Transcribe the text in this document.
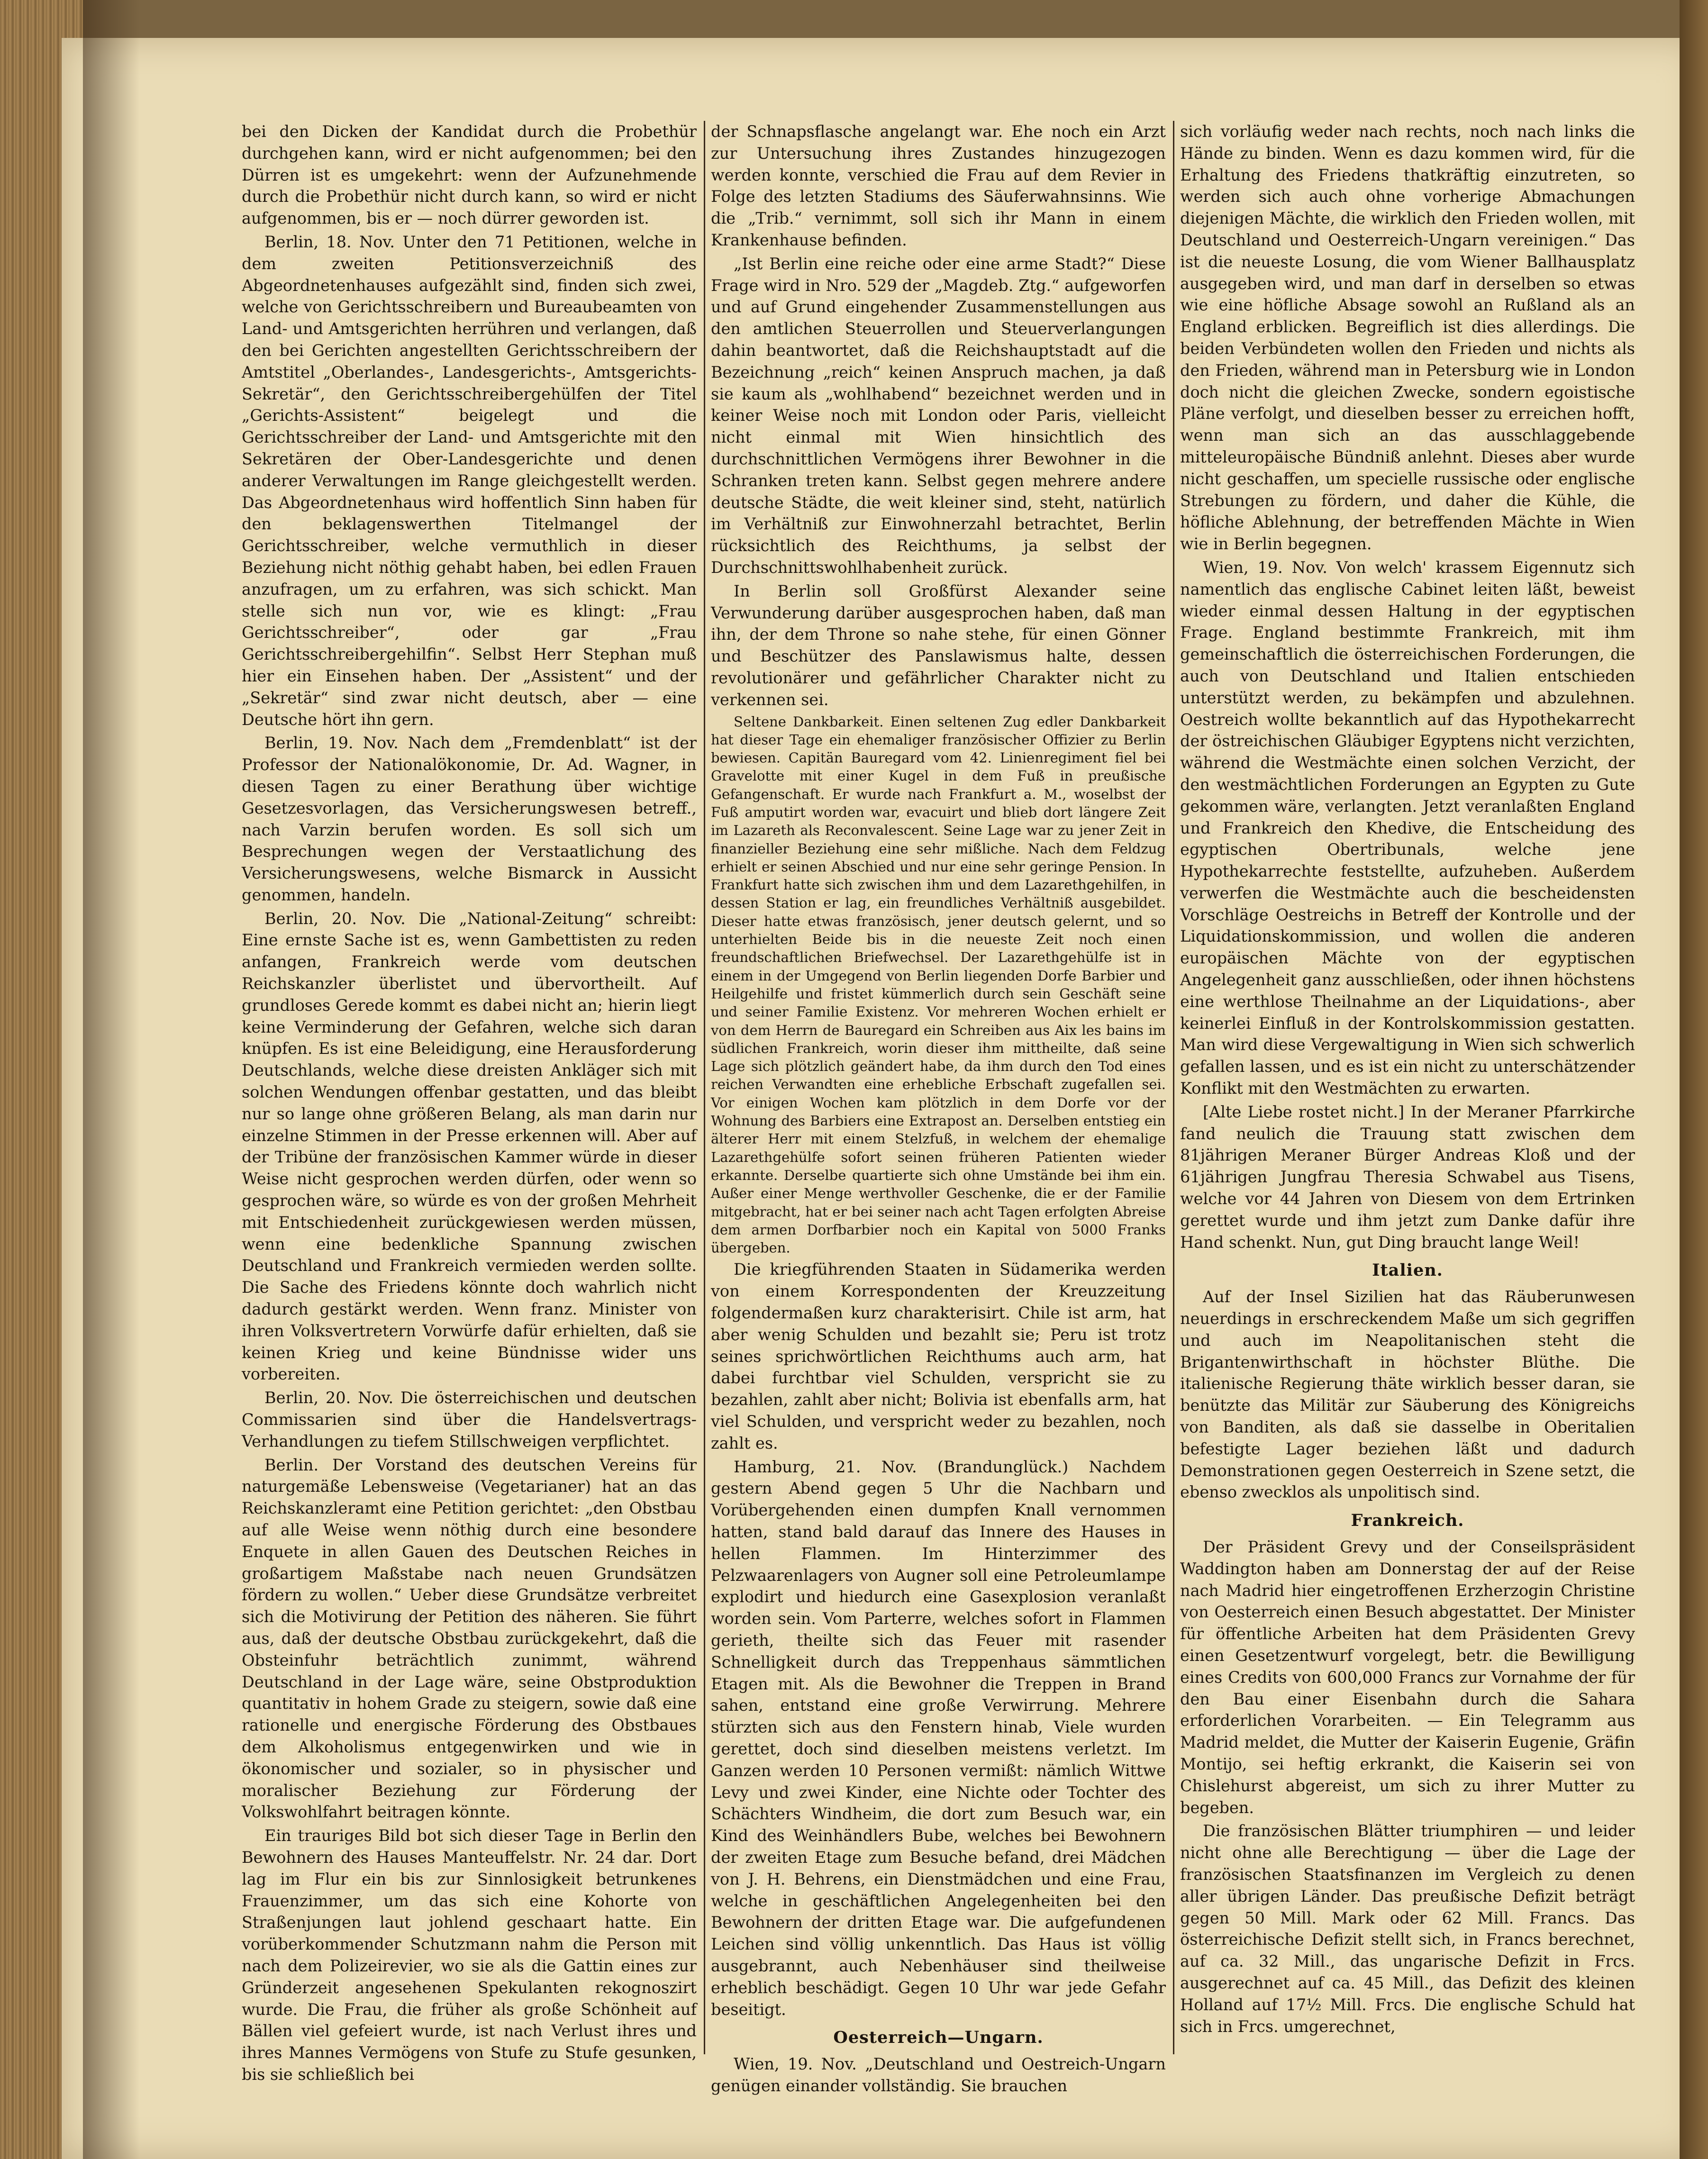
bei den Dicken der Kandidat durch die Probethür durchgehen kann, wird er nicht aufgenommen; bei den Dürren ist es umgekehrt: wenn der Aufzunehmende durch die Probethür nicht durch kann, so wird er nicht aufgenommen, bis er — noch dürrer geworden ist.

Berlin, 18. Nov. Unter den 71 Petitionen, welche in dem zweiten Petitionsverzeichniß des Abgeordnetenhauses aufgezählt sind, finden sich zwei, welche von Gerichtsschreibern und Bureaubeamten von Land- und Amtsgerichten herrühren und verlangen, daß den bei Gerichten angestellten Gerichtsschreibern der Amtstitel „Oberlandes-, Landesgerichts-, Amtsgerichts-Sekretär“, den Gerichtsschreibergehülfen der Titel „Gerichts-Assistent“ beigelegt und die Gerichtsschreiber der Land- und Amtsgerichte mit den Sekretären der Ober-Landesgerichte und denen anderer Verwaltungen im Range gleichgestellt werden. Das Abgeordnetenhaus wird hoffentlich Sinn haben für den beklagenswerthen Titelmangel der Gerichtsschreiber, welche vermuthlich in dieser Beziehung nicht nöthig gehabt haben, bei edlen Frauen anzufragen, um zu erfahren, was sich schickt. Man stelle sich nun vor, wie es klingt: „Frau Gerichtsschreiber“, oder gar „Frau Gerichtsschreibergehilfin“. Selbst Herr Stephan muß hier ein Einsehen haben. Der „Assistent“ und der „Sekretär“ sind zwar nicht deutsch, aber — eine Deutsche hört ihn gern.

Berlin, 19. Nov. Nach dem „Fremdenblatt“ ist der Professor der Nationalökonomie, Dr. Ad. Wagner, in diesen Tagen zu einer Berathung über wichtige Gesetzesvorlagen, das Versicherungswesen betreff., nach Varzin berufen worden. Es soll sich um Besprechungen wegen der Verstaatlichung des Versicherungswesens, welche Bismarck in Aussicht genommen, handeln.

Berlin, 20. Nov. Die „National-Zeitung“ schreibt: Eine ernste Sache ist es, wenn Gambettisten zu reden anfangen, Frankreich werde vom deutschen Reichskanzler überlistet und übervortheilt. Auf grundloses Gerede kommt es dabei nicht an; hierin liegt keine Verminderung der Gefahren, welche sich daran knüpfen. Es ist eine Beleidigung, eine Herausforderung Deutschlands, welche diese dreisten Ankläger sich mit solchen Wendungen offenbar gestatten, und das bleibt nur so lange ohne größeren Belang, als man darin nur einzelne Stimmen in der Presse erkennen will. Aber auf der Tribüne der französischen Kammer würde in dieser Weise nicht gesprochen werden dürfen, oder wenn so gesprochen wäre, so würde es von der großen Mehrheit mit Entschiedenheit zurückgewiesen werden müssen, wenn eine bedenkliche Spannung zwischen Deutschland und Frankreich vermieden werden sollte. Die Sache des Friedens könnte doch wahrlich nicht dadurch gestärkt werden. Wenn franz. Minister von ihren Volksvertretern Vorwürfe dafür erhielten, daß sie keinen Krieg und keine Bündnisse wider uns vorbereiten.

Berlin, 20. Nov. Die österreichischen und deutschen Commissarien sind über die Handelsvertrags-Verhandlungen zu tiefem Stillschweigen verpflichtet.

Berlin. Der Vorstand des deutschen Vereins für naturgemäße Lebensweise (Vegetarianer) hat an das Reichskanzleramt eine Petition gerichtet: „den Obstbau auf alle Weise wenn nöthig durch eine besondere Enquete in allen Gauen des Deutschen Reiches in großartigem Maßstabe nach neuen Grundsätzen fördern zu wollen.“ Ueber diese Grundsätze verbreitet sich die Motivirung der Petition des näheren. Sie führt aus, daß der deutsche Obstbau zurückgekehrt, daß die Obsteinfuhr beträchtlich zunimmt, während Deutschland in der Lage wäre, seine Obstproduktion quantitativ in hohem Grade zu steigern, sowie daß eine rationelle und energische Förderung des Obstbaues dem Alkoholismus entgegenwirken und wie in ökonomischer und sozialer, so in physischer und moralischer Beziehung zur Förderung der Volkswohlfahrt beitragen könnte.

Ein trauriges Bild bot sich dieser Tage in Berlin den Bewohnern des Hauses Manteuffelstr. Nr. 24 dar. Dort lag im Flur ein bis zur Sinnlosigkeit betrunkenes Frauenzimmer, um das sich eine Kohorte von Straßenjungen laut johlend geschaart hatte. Ein vorüberkommender Schutzmann nahm die Person mit nach dem Polizeirevier, wo sie als die Gattin eines zur Gründerzeit angesehenen Spekulanten rekognoszirt wurde. Die Frau, die früher als große Schönheit auf Bällen viel gefeiert wurde, ist nach Verlust ihres und ihres Mannes Vermögens von Stufe zu Stufe gesunken, bis sie schließlich bei

der Schnapsflasche angelangt war. Ehe noch ein Arzt zur Untersuchung ihres Zustandes hinzugezogen werden konnte, verschied die Frau auf dem Revier in Folge des letzten Stadiums des Säuferwahnsinns. Wie die „Trib.“ vernimmt, soll sich ihr Mann in einem Krankenhause befinden.

„Ist Berlin eine reiche oder eine arme Stadt?“ Diese Frage wird in Nro. 529 der „Magdeb. Ztg.“ aufgeworfen und auf Grund eingehender Zusammenstellungen aus den amtlichen Steuerrollen und Steuerverlangungen dahin beantwortet, daß die Reichshauptstadt auf die Bezeichnung „reich“ keinen Anspruch machen, ja daß sie kaum als „wohlhabend“ bezeichnet werden und in keiner Weise noch mit London oder Paris, vielleicht nicht einmal mit Wien hinsichtlich des durchschnittlichen Vermögens ihrer Bewohner in die Schranken treten kann. Selbst gegen mehrere andere deutsche Städte, die weit kleiner sind, steht, natürlich im Verhältniß zur Einwohnerzahl betrachtet, Berlin rücksichtlich des Reichthums, ja selbst der Durchschnittswohlhabenheit zurück.

In Berlin soll Großfürst Alexander seine Verwunderung darüber ausgesprochen haben, daß man ihn, der dem Throne so nahe stehe, für einen Gönner und Beschützer des Panslawismus halte, dessen revolutionärer und gefährlicher Charakter nicht zu verkennen sei.

Seltene Dankbarkeit. Einen seltenen Zug edler Dankbarkeit hat dieser Tage ein ehemaliger französischer Offizier zu Berlin bewiesen. Capitän Bauregard vom 42. Linienregiment fiel bei Gravelotte mit einer Kugel in dem Fuß in preußische Gefangenschaft. Er wurde nach Frankfurt a. M., woselbst der Fuß amputirt worden war, evacuirt und blieb dort längere Zeit im Lazareth als Reconvalescent. Seine Lage war zu jener Zeit in finanzieller Beziehung eine sehr mißliche. Nach dem Feldzug erhielt er seinen Abschied und nur eine sehr geringe Pension. In Frankfurt hatte sich zwischen ihm und dem Lazarethgehilfen, in dessen Station er lag, ein freundliches Verhältniß ausgebildet. Dieser hatte etwas französisch, jener deutsch gelernt, und so unterhielten Beide bis in die neueste Zeit noch einen freundschaftlichen Briefwechsel. Der Lazarethgehülfe ist in einem in der Umgegend von Berlin liegenden Dorfe Barbier und Heilgehilfe und fristet kümmerlich durch sein Geschäft seine und seiner Familie Existenz. Vor mehreren Wochen erhielt er von dem Herrn de Bauregard ein Schreiben aus Aix les bains im südlichen Frankreich, worin dieser ihm mittheilte, daß seine Lage sich plötzlich geändert habe, da ihm durch den Tod eines reichen Verwandten eine erhebliche Erbschaft zugefallen sei. Vor einigen Wochen kam plötzlich in dem Dorfe vor der Wohnung des Barbiers eine Extrapost an. Derselben entstieg ein älterer Herr mit einem Stelzfuß, in welchem der ehemalige Lazarethgehülfe sofort seinen früheren Patienten wieder erkannte. Derselbe quartierte sich ohne Umstände bei ihm ein. Außer einer Menge werthvoller Geschenke, die er der Familie mitgebracht, hat er bei seiner nach acht Tagen erfolgten Abreise dem armen Dorfbarbier noch ein Kapital von 5000 Franks übergeben.

Die kriegführenden Staaten in Südamerika werden von einem Korrespondenten der Kreuzzeitung folgendermaßen kurz charakterisirt. Chile ist arm, hat aber wenig Schulden und bezahlt sie; Peru ist trotz seines sprichwörtlichen Reichthums auch arm, hat dabei furchtbar viel Schulden, verspricht sie zu bezahlen, zahlt aber nicht; Bolivia ist ebenfalls arm, hat viel Schulden, und verspricht weder zu bezahlen, noch zahlt es.

Hamburg, 21. Nov. (Brandunglück.) Nachdem gestern Abend gegen 5 Uhr die Nachbarn und Vorübergehenden einen dumpfen Knall vernommen hatten, stand bald darauf das Innere des Hauses in hellen Flammen. Im Hinterzimmer des Pelzwaarenlagers von Augner soll eine Petroleumlampe explodirt und hiedurch eine Gasexplosion veranlaßt worden sein. Vom Parterre, welches sofort in Flammen gerieth, theilte sich das Feuer mit rasender Schnelligkeit durch das Treppenhaus sämmtlichen Etagen mit. Als die Bewohner die Treppen in Brand sahen, entstand eine große Verwirrung. Mehrere stürzten sich aus den Fenstern hinab, Viele wurden gerettet, doch sind dieselben meistens verletzt. Im Ganzen werden 10 Personen vermißt: nämlich Wittwe Levy und zwei Kinder, eine Nichte oder Tochter des Schächters Windheim, die dort zum Besuch war, ein Kind des Weinhändlers Bube, welches bei Bewohnern der zweiten Etage zum Besuche befand, drei Mädchen von J. H. Behrens, ein Dienstmädchen und eine Frau, welche in geschäftlichen Angelegenheiten bei den Bewohnern der dritten Etage war. Die aufgefundenen Leichen sind völlig unkenntlich. Das Haus ist völlig ausgebrannt, auch Nebenhäuser sind theilweise erheblich beschädigt. Gegen 10 Uhr war jede Gefahr beseitigt.

Oesterreich—Ungarn.

Wien, 19. Nov. „Deutschland und Oestreich-Ungarn genügen einander vollständig. Sie brauchen

sich vorläufig weder nach rechts, noch nach links die Hände zu binden. Wenn es dazu kommen wird, für die Erhaltung des Friedens thatkräftig einzutreten, so werden sich auch ohne vorherige Abmachungen diejenigen Mächte, die wirklich den Frieden wollen, mit Deutschland und Oesterreich-Ungarn vereinigen.“ Das ist die neueste Losung, die vom Wiener Ballhausplatz ausgegeben wird, und man darf in derselben so etwas wie eine höfliche Absage sowohl an Rußland als an England erblicken. Begreiflich ist dies allerdings. Die beiden Verbündeten wollen den Frieden und nichts als den Frieden, während man in Petersburg wie in London doch nicht die gleichen Zwecke, sondern egoistische Pläne verfolgt, und dieselben besser zu erreichen hofft, wenn man sich an das ausschlaggebende mitteleuropäische Bündniß anlehnt. Dieses aber wurde nicht geschaffen, um specielle russische oder englische Strebungen zu fördern, und daher die Kühle, die höfliche Ablehnung, der betreffenden Mächte in Wien wie in Berlin begegnen.

Wien, 19. Nov. Von welch' krassem Eigennutz sich namentlich das englische Cabinet leiten läßt, beweist wieder einmal dessen Haltung in der egyptischen Frage. England bestimmte Frankreich, mit ihm gemeinschaftlich die österreichischen Forderungen, die auch von Deutschland und Italien entschieden unterstützt werden, zu bekämpfen und abzulehnen. Oestreich wollte bekanntlich auf das Hypothekarrecht der östreichischen Gläubiger Egyptens nicht verzichten, während die Westmächte einen solchen Verzicht, der den westmächtlichen Forderungen an Egypten zu Gute gekommen wäre, verlangten. Jetzt veranlaßten England und Frankreich den Khedive, die Entscheidung des egyptischen Obertribunals, welche jene Hypothekarrechte feststellte, aufzuheben. Außerdem verwerfen die Westmächte auch die bescheidensten Vorschläge Oestreichs in Betreff der Kontrolle und der Liquidationskommission, und wollen die anderen europäischen Mächte von der egyptischen Angelegenheit ganz ausschließen, oder ihnen höchstens eine werthlose Theilnahme an der Liquidations-, aber keinerlei Einfluß in der Kontrolskommission gestatten. Man wird diese Vergewaltigung in Wien sich schwerlich gefallen lassen, und es ist ein nicht zu unterschätzender Konflikt mit den Westmächten zu erwarten.

[Alte Liebe rostet nicht.] In der Meraner Pfarrkirche fand neulich die Trauung statt zwischen dem 81jährigen Meraner Bürger Andreas Kloß und der 61jährigen Jungfrau Theresia Schwabel aus Tisens, welche vor 44 Jahren von Diesem von dem Ertrinken gerettet wurde und ihm jetzt zum Danke dafür ihre Hand schenkt. Nun, gut Ding braucht lange Weil!

Italien.

Auf der Insel Sizilien hat das Räuberunwesen neuerdings in erschreckendem Maße um sich gegriffen und auch im Neapolitanischen steht die Brigantenwirthschaft in höchster Blüthe. Die italienische Regierung thäte wirklich besser daran, sie benützte das Militär zur Säuberung des Königreichs von Banditen, als daß sie dasselbe in Oberitalien befestigte Lager beziehen läßt und dadurch Demonstrationen gegen Oesterreich in Szene setzt, die ebenso zwecklos als unpolitisch sind.

Frankreich.

Der Präsident Grevy und der Conseilspräsident Waddington haben am Donnerstag der auf der Reise nach Madrid hier eingetroffenen Erzherzogin Christine von Oesterreich einen Besuch abgestattet. Der Minister für öffentliche Arbeiten hat dem Präsidenten Grevy einen Gesetzentwurf vorgelegt, betr. die Bewilligung eines Credits von 600,000 Francs zur Vornahme der für den Bau einer Eisenbahn durch die Sahara erforderlichen Vorarbeiten. — Ein Telegramm aus Madrid meldet, die Mutter der Kaiserin Eugenie, Gräfin Montijo, sei heftig erkrankt, die Kaiserin sei von Chislehurst abgereist, um sich zu ihrer Mutter zu begeben.

Die französischen Blätter triumphiren — und leider nicht ohne alle Berechtigung — über die Lage der französischen Staatsfinanzen im Vergleich zu denen aller übrigen Länder. Das preußische Defizit beträgt gegen 50 Mill. Mark oder 62 Mill. Francs. Das österreichische Defizit stellt sich, in Francs berechnet, auf ca. 32 Mill., das ungarische Defizit in Frcs. ausgerechnet auf ca. 45 Mill., das Defizit des kleinen Holland auf 17½ Mill. Frcs. Die englische Schuld hat sich in Frcs. umgerechnet,
